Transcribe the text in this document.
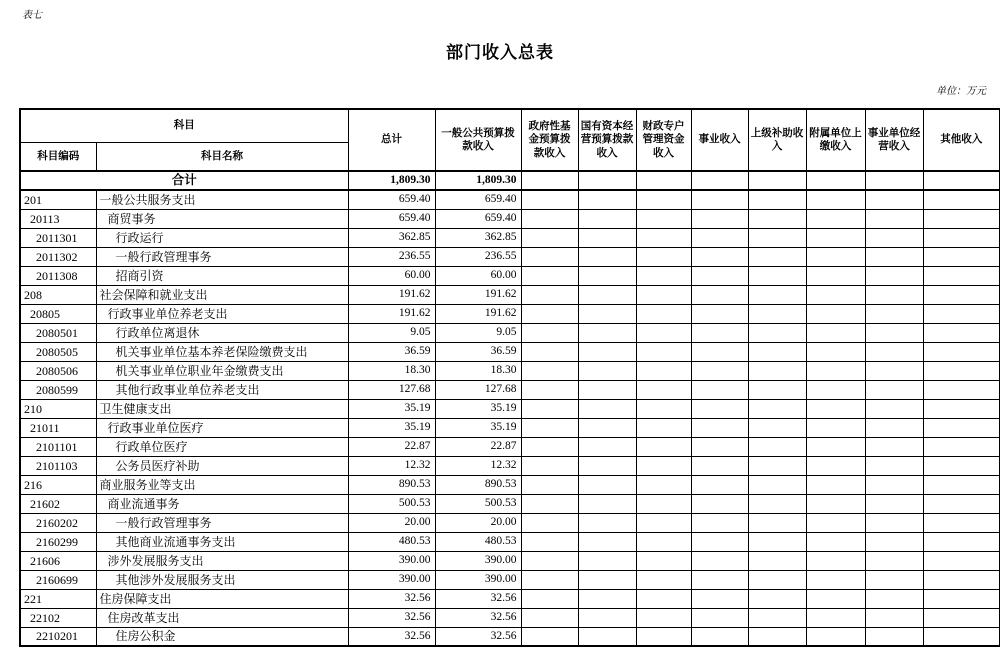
表七
部门收入总表
单位：万元
科目		总计	一般公共预算拨款收入	政府性基金预算拨款收入	国有资本经营预算拨款收入	财政专户管理资金收入	事业收入	上级补助收入	附属单位上缴收入	事业单位经营收入	其他收入
科目编码	科目名称										
合计		1,809.30	1,809.30								
201	一般公共服务支出	659.40	659.40								
20113	商贸事务	659.40	659.40								
2011301	行政运行	362.85	362.85								
2011302	一般行政管理事务	236.55	236.55								
2011308	招商引资	60.00	60.00								
208	社会保障和就业支出	191.62	191.62								
20805	行政事业单位养老支出	191.62	191.62								
2080501	行政单位离退休	9.05	9.05								
2080505	机关事业单位基本养老保险缴费支出	36.59	36.59								
2080506	机关事业单位职业年金缴费支出	18.30	18.30								
2080599	其他行政事业单位养老支出	127.68	127.68								
210	卫生健康支出	35.19	35.19								
21011	行政事业单位医疗	35.19	35.19								
2101101	行政单位医疗	22.87	22.87								
2101103	公务员医疗补助	12.32	12.32								
216	商业服务业等支出	890.53	890.53								
21602	商业流通事务	500.53	500.53								
2160202	一般行政管理事务	20.00	20.00								
2160299	其他商业流通事务支出	480.53	480.53								
21606	涉外发展服务支出	390.00	390.00								
2160699	其他涉外发展服务支出	390.00	390.00								
221	住房保障支出	32.56	32.56								
22102	住房改革支出	32.56	32.56								
2210201	住房公积金	32.56	32.56								
